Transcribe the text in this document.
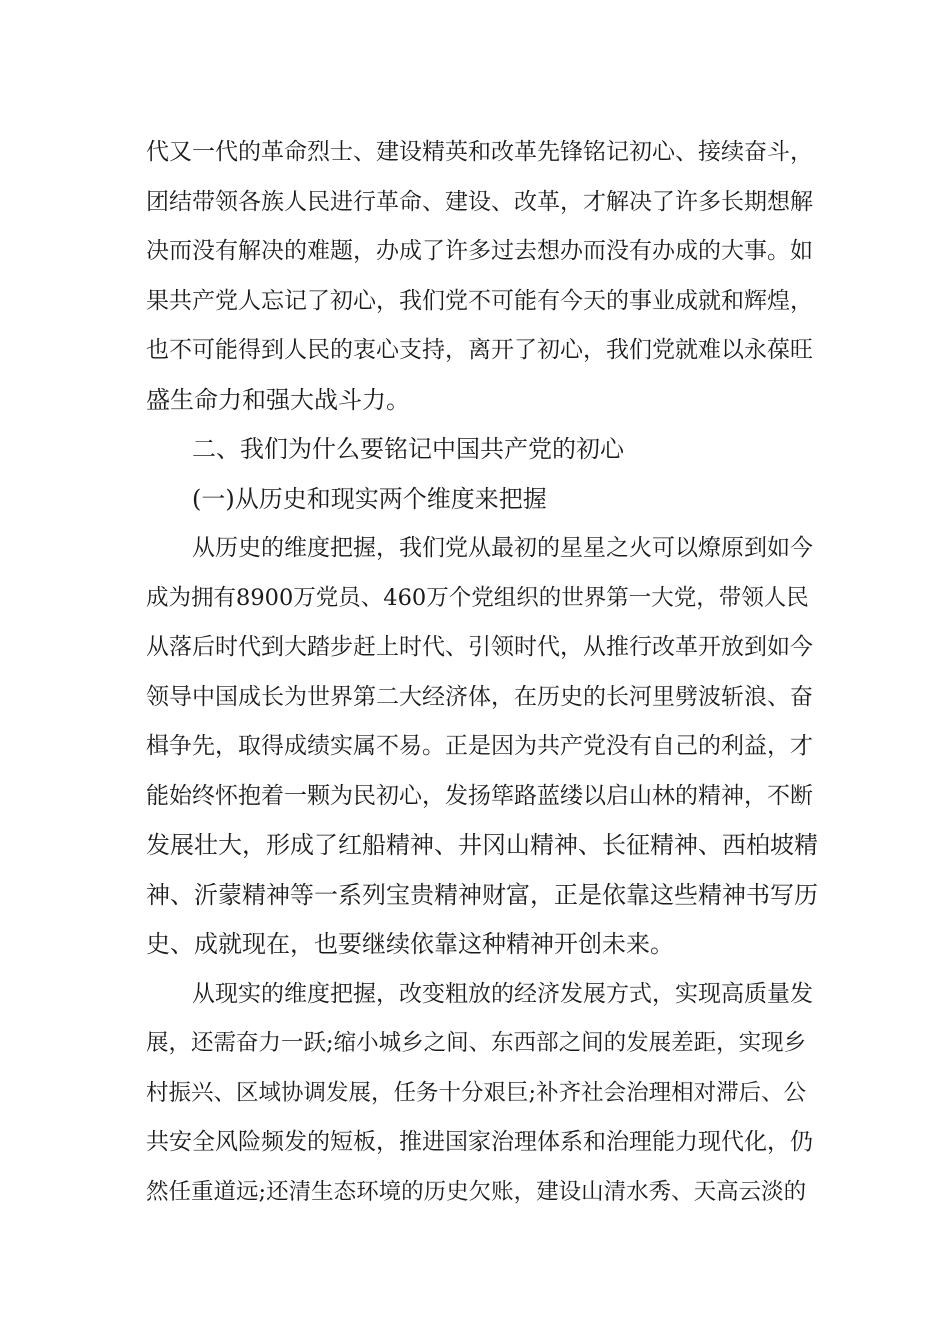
代又一代的革命烈士、建设精英和改革先锋铭记初心、接续奋斗，
团结带领各族人民进行革命、建设、改革，才解决了许多长期想解
决而没有解决的难题，办成了许多过去想办而没有办成的大事。如
果共产党人忘记了初心，我们党不可能有今天的事业成就和辉煌，
也不可能得到人民的衷心支持，离开了初心，我们党就难以永葆旺
盛生命力和强大战斗力。
二、我们为什么要铭记中国共产党的初心
(一)从历史和现实两个维度来把握
从历史的维度把握，我们党从最初的星星之火可以燎原到如今
成为拥有8900万党员、460万个党组织的世界第一大党，带领人民
从落后时代到大踏步赶上时代、引领时代，从推行改革开放到如今
领导中国成长为世界第二大经济体，在历史的长河里劈波斩浪、奋
楫争先，取得成绩实属不易。正是因为共产党没有自己的利益，才
能始终怀抱着一颗为民初心，发扬筚路蓝缕以启山林的精神，不断
发展壮大，形成了红船精神、井冈山精神、长征精神、西柏坡精
神、沂蒙精神等一系列宝贵精神财富，正是依靠这些精神书写历
史、成就现在，也要继续依靠这种精神开创未来。
从现实的维度把握，改变粗放的经济发展方式，实现高质量发
展，还需奋力一跃;缩小城乡之间、东西部之间的发展差距，实现乡
村振兴、区域协调发展，任务十分艰巨;补齐社会治理相对滞后、公
共安全风险频发的短板，推进国家治理体系和治理能力现代化，仍
然任重道远;还清生态环境的历史欠账，建设山清水秀、天高云淡的
